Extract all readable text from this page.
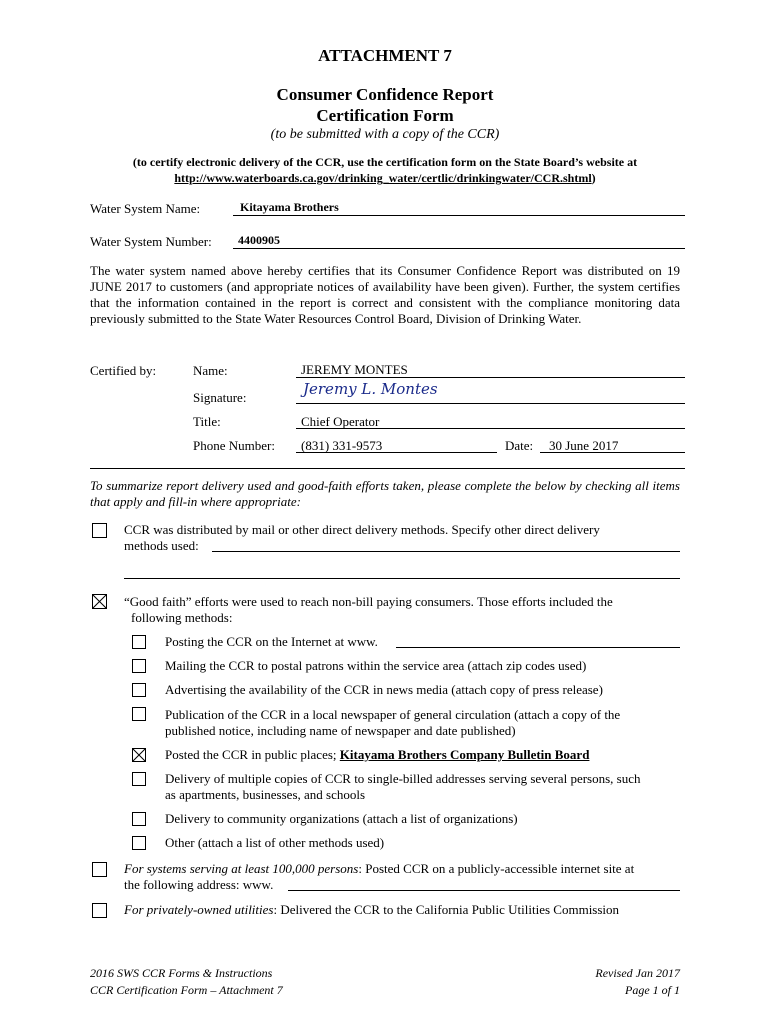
ATTACHMENT 7
Consumer Confidence Report
Certification Form
(to be submitted with a copy of the CCR)
(to certify electronic delivery of the CCR, use the certification form on the State Board’s website at
http://www.waterboards.ca.gov/drinking_water/certlic/drinkingwater/CCR.shtml)
Water System Name:	Kitayama Brothers
Water System Number: 4400905
The water system named above hereby certifies that its Consumer Confidence Report was distributed on 19 JUNE 2017 to customers (and appropriate notices of availability have been given). Further, the system certifies that the information contained in the report is correct and consistent with the compliance monitoring data previously submitted to the State Water Resources Control Board, Division of Drinking Water.
Certified by:	Name:	JEREMY MONTES
Signature:	Jeremy L. Montes
Title:	Chief Operator
Phone Number: (831) 331-9573	Date: 30 June 2017
To summarize report delivery used and good-faith efforts taken, please complete the below by checking all items that apply and fill-in where appropriate:
CCR was distributed by mail or other direct delivery methods. Specify other direct delivery
methods used:
“Good faith” efforts were used to reach non-bill paying consumers. Those efforts included the
following methods:
Posting the CCR on the Internet at www.
Mailing the CCR to postal patrons within the service area (attach zip codes used)
Advertising the availability of the CCR in news media (attach copy of press release)
Publication of the CCR in a local newspaper of general circulation (attach a copy of the
published notice, including name of newspaper and date published)
Posted the CCR in public places; Kitayama Brothers Company Bulletin Board
Delivery of multiple copies of CCR to single-billed addresses serving several persons, such
as apartments, businesses, and schools
Delivery to community organizations (attach a list of organizations)
Other (attach a list of other methods used)
For systems serving at least 100,000 persons: Posted CCR on a publicly-accessible internet site at
the following address: www.
For privately-owned utilities: Delivered the CCR to the California Public Utilities Commission
2016 SWS CCR Forms & Instructions
CCR Certification Form – Attachment 7
Revised Jan 2017
Page 1 of 1
